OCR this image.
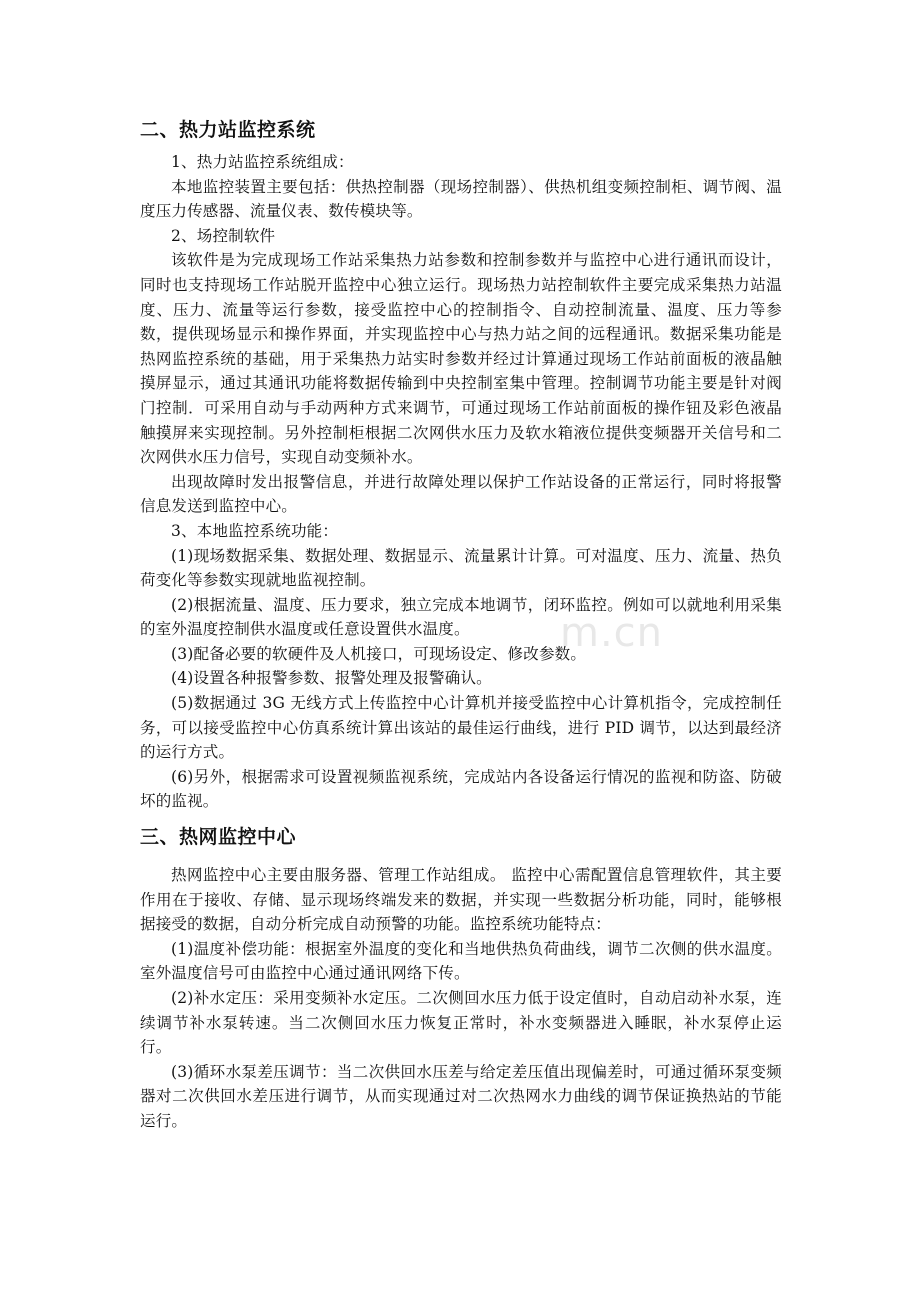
二、热力站监控系统

1、热力站监控系统组成：

本地监控装置主要包括：供热控制器（现场控制器）、供热机组变频控制柜、调节阀、温度压力传感器、流量仪表、数传模块等。

2、场控制软件

该软件是为完成现场工作站采集热力站参数和控制参数并与监控中心进行通讯而设计，同时也支持现场工作站脱开监控中心独立运行。现场热力站控制软件主要完成采集热力站温度、压力、流量等运行参数，接受监控中心的控制指令、自动控制流量、温度、压力等参数，提供现场显示和操作界面，并实现监控中心与热力站之间的远程通讯。数据采集功能是热网监控系统的基础，用于采集热力站实时参数并经过计算通过现场工作站前面板的液晶触摸屏显示，通过其通讯功能将数据传输到中央控制室集中管理。控制调节功能主要是针对阀门控制．可采用自动与手动两种方式来调节，可通过现场工作站前面板的操作钮及彩色液晶触摸屏来实现控制。另外控制柜根据二次网供水压力及软水箱液位提供变频器开关信号和二次网供水压力信号，实现自动变频补水。

出现故障时发出报警信息，并进行故障处理以保护工作站设备的正常运行，同时将报警信息发送到监控中心。

3、本地监控系统功能：

(1)现场数据采集、数据处理、数据显示、流量累计计算。可对温度、压力、流量、热负荷变化等参数实现就地监视控制。

(2)根据流量、温度、压力要求，独立完成本地调节，闭环监控。例如可以就地利用采集的室外温度控制供水温度或任意设置供水温度。

(3)配备必要的软硬件及人机接口，可现场设定、修改参数。

(4)设置各种报警参数、报警处理及报警确认。

(5)数据通过 3G 无线方式上传监控中心计算机并接受监控中心计算机指令，完成控制任务，可以接受监控中心仿真系统计算出该站的最佳运行曲线，进行 PID 调节，以达到最经济的运行方式。

(6)另外，根据需求可设置视频监视系统，完成站内各设备运行情况的监视和防盗、防破坏的监视。

三、热网监控中心

热网监控中心主要由服务器、管理工作站组成。 监控中心需配置信息管理软件，其主要作用在于接收、存储、显示现场终端发来的数据，并实现一些数据分析功能，同时，能够根据接受的数据，自动分析完成自动预警的功能。监控系统功能特点：

(1)温度补偿功能：根据室外温度的变化和当地供热负荷曲线，调节二次侧的供水温度。室外温度信号可由监控中心通过通讯网络下传。

(2)补水定压：采用变频补水定压。二次侧回水压力低于设定值时，自动启动补水泵，连续调节补水泵转速。当二次侧回水压力恢复正常时，补水变频器进入睡眠，补水泵停止运行。

(3)循环水泵差压调节：当二次供回水压差与给定差压值出现偏差时，可通过循环泵变频器对二次供回水差压进行调节，从而实现通过对二次热网水力曲线的调节保证换热站的节能运行。

m.cn
